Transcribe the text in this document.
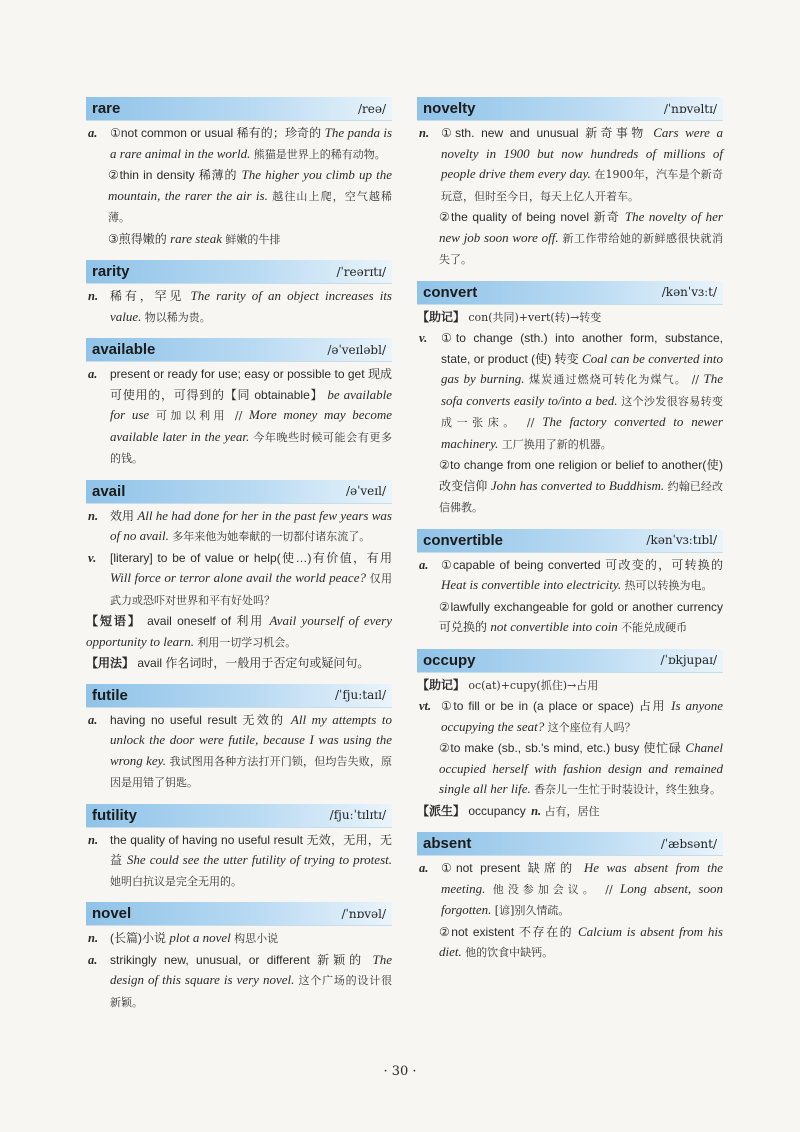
rare	/reə/
a.	①not common or usual 稀有的；珍奇的 The panda is a rare animal in the world. 熊猫是世界上的稀有动物。
②thin in density 稀薄的 The higher you climb up the mountain, the rarer the air is. 越往山上爬，空气越稀薄。
③煎得嫩的 rare steak 鲜嫩的牛排
rarity	/ˈreərɪtɪ/
n. 稀有，罕见 The rarity of an object increases its value. 物以稀为贵。
available	/əˈveɪləbl/
a.	present or ready for use; easy or possible to get 现成可使用的，可得到的【同 obtainable】 be available for use 可加以利用 // More money may become available later in the year. 今年晚些时候可能会有更多的钱。
avail	/əˈveɪl/
n. 效用 All he had done for her in the past few years was of no avail. 多年来他为她奉献的一切都付诸东流了。
v.	[literary] to be of value or help(使…)有价值，有用 Will force or terror alone avail the world peace? 仅用武力或恐吓对世界和平有好处吗？
【短语】 avail oneself of 利用 Avail yourself of every opportunity to learn. 利用一切学习机会。
【用法】 avail 作名词时，一般用于否定句或疑问句。
futile	/ˈfjuːtaɪl/
a.	having no useful result 无效的 All my attempts to unlock the door were futile, because I was using the wrong key. 我试图用各种方法打开门锁，但均告失败，原因是用错了钥匙。
futility	/fjuːˈtɪlɪtɪ/
n. the quality of having no useful result 无效，无用，无益 She could see the utter futility of trying to protest. 她明白抗议是完全无用的。
novel	/ˈnɒvəl/
n. (长篇)小说 plot a novel 构思小说
a.	strikingly new, unusual, or different 新颖的 The design of this square is very novel. 这个广场的设计很新颖。
novelty	/ˈnɒvəltɪ/
n. ①sth. new and unusual 新奇事物 Cars were a novelty in 1900 but now hundreds of millions of people drive them every day. 在1900年，汽车是个新奇玩意，但时至今日，每天上亿人开着车。
②the quality of being novel 新奇 The novelty of her new job soon wore off. 新工作带给她的新鲜感很快就消失了。
convert	/kənˈvɜːt/
【助记】 con(共同)+vert(转)→转变
v.	①to change (sth.) into another form, substance, state, or product (使) 转变 Coal can be converted into gas by burning. 煤炭通过燃烧可转化为煤气。 // The sofa converts easily to/into a bed. 这个沙发很容易转变成一张床。 // The factory converted to newer machinery. 工厂换用了新的机器。
②to change from one religion or belief to another(使)改变信仰 John has converted to Buddhism. 约翰已经改信佛教。
convertible	/kənˈvɜːtɪbl/
a.	①capable of being converted 可改变的，可转换的 Heat is convertible into electricity. 热可以转换为电。
②lawfully exchangeable for gold or another currency 可兑换的 not convertible into coin 不能兑成硬币
occupy	/ˈɒkjupaɪ/
【助记】 oc(at)+cupy(抓住)→占用
vt. ①to fill or be in (a place or space) 占用 Is anyone occupying the seat? 这个座位有人吗？
②to make (sb., sb.'s mind, etc.) busy 使忙碌 Chanel occupied herself with fashion design and remained single all her life. 香奈儿一生忙于时装设计，终生独身。
【派生】 occupancy n. 占有，居住
absent	/ˈæbsənt/
a.	①not present 缺席的 He was absent from the meeting. 他没参加会议。 // Long absent, soon forgotten. [谚]别久情疏。
②not existent 不存在的 Calcium is absent from his diet. 他的饮食中缺钙。
· 30 ·
